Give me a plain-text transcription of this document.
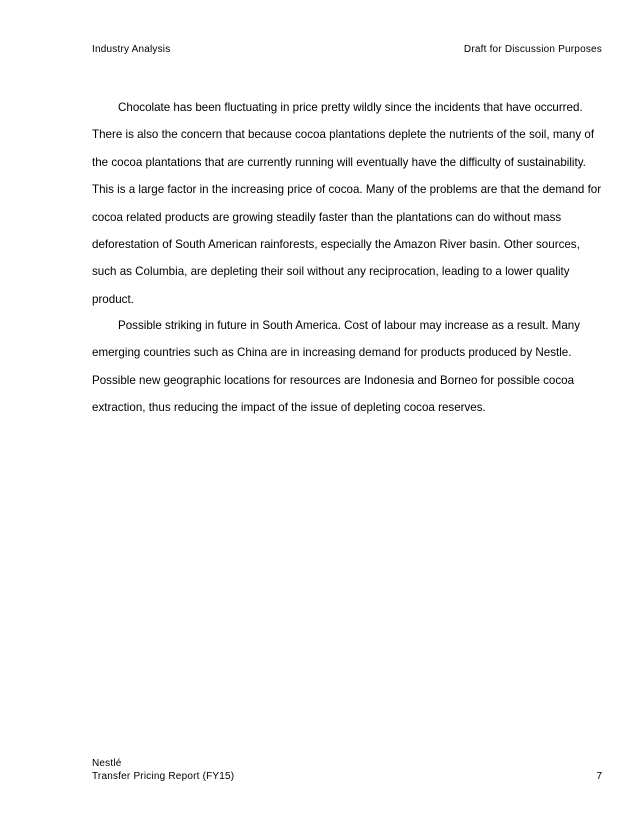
Industry Analysis	Draft for Discussion Purposes

Chocolate has been fluctuating in price pretty wildly since the incidents that have occurred. There is also the concern that because cocoa plantations deplete the nutrients of the soil, many of the cocoa plantations that are currently running will eventually have the difficulty of sustainability. This is a large factor in the increasing price of cocoa. Many of the problems are that the demand for cocoa related products are growing steadily faster than the plantations can do without mass deforestation of South American rainforests, especially the Amazon River basin. Other sources, such as Columbia, are depleting their soil without any reciprocation, leading to a lower quality product.

Possible striking in future in South America. Cost of labour may increase as a result. Many emerging countries such as China are in increasing demand for products produced by Nestle. Possible new geographic locations for resources are Indonesia and Borneo for possible cocoa extraction, thus reducing the impact of the issue of depleting cocoa reserves.

Nestlé
Transfer Pricing Report (FY15)	7
